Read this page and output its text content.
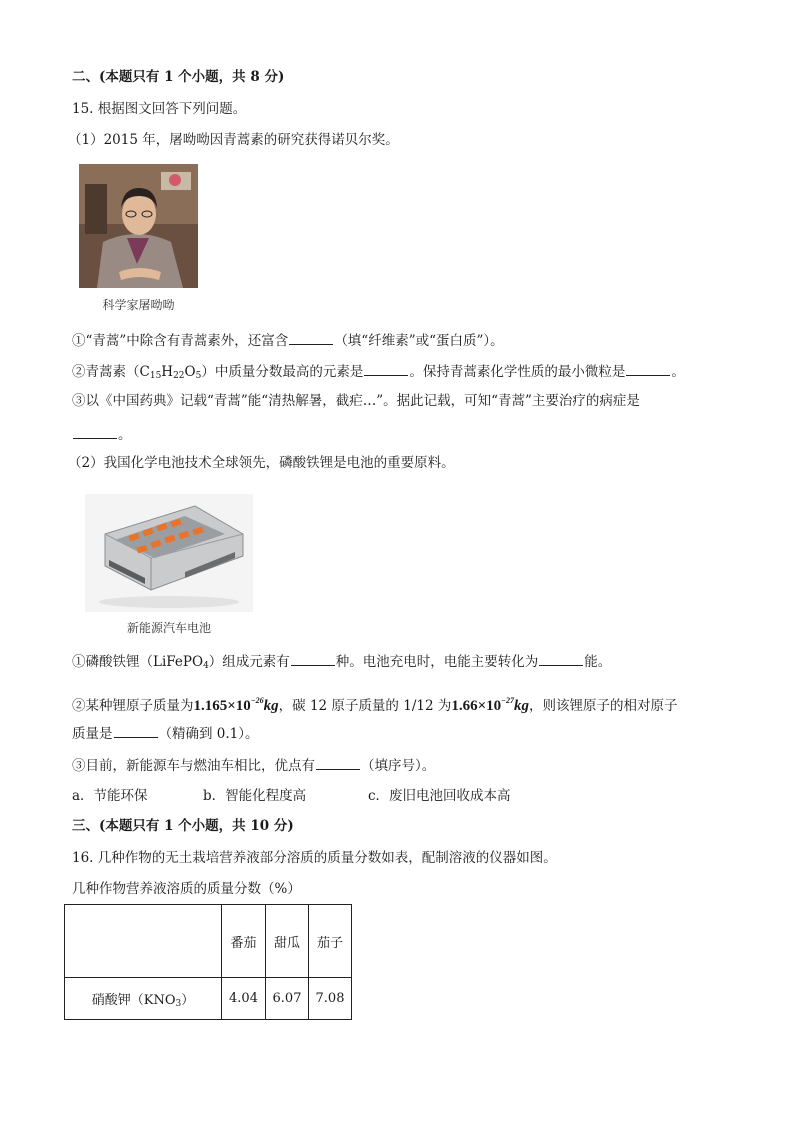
二、(本题只有 1 个小题，共 8 分)
15. 根据图文回答下列问题。
（1）2015 年，屠呦呦因青蒿素的研究获得诺贝尔奖。
科学家屠呦呦
①“青蒿”中除含有青蒿素外，还富含	（填“纤维素”或“蛋白质”）。
②青蒿素$(C_{15}H_{22}O_5)$中质量分数最高的元素是	。保持青蒿素化学性质的最小微粒是	。
③以《中国药典》记载“青蒿”能“清热解暑，截疟…”。据此记载，可知“青蒿”主要治疗的病症是
。
（2）我国化学电池技术全球领先，磷酸铁锂是电池的重要原料。
新能源汽车电池
①磷酸铁锂（LiFePO$_4$）组成元素有	种。电池充电时，电能主要转化为	能。
②某种锂原子质量为$1.165\times 10^{-26}kg$，碳 12 原子质量的 1/12 为$1.66\times 10^{-27}kg$，则该锂原子的相对原子
质量是	（精确到 0.1）。
③目前，新能源车与燃油车相比，优点有	（填序号）。
a．节能环保	b．智能化程度高	c．废旧电池回收成本高
三、(本题只有 1 个小题，共 10 分)
16. 几种作物的无土栽培营养液部分溶质的质量分数如表，配制溶液的仪器如图。
几种作物营养液溶质的质量分数（%）
	番茄	甜瓜	茄子
硝酸钾$(KNO_3)$	4.04	6.07	7.08
